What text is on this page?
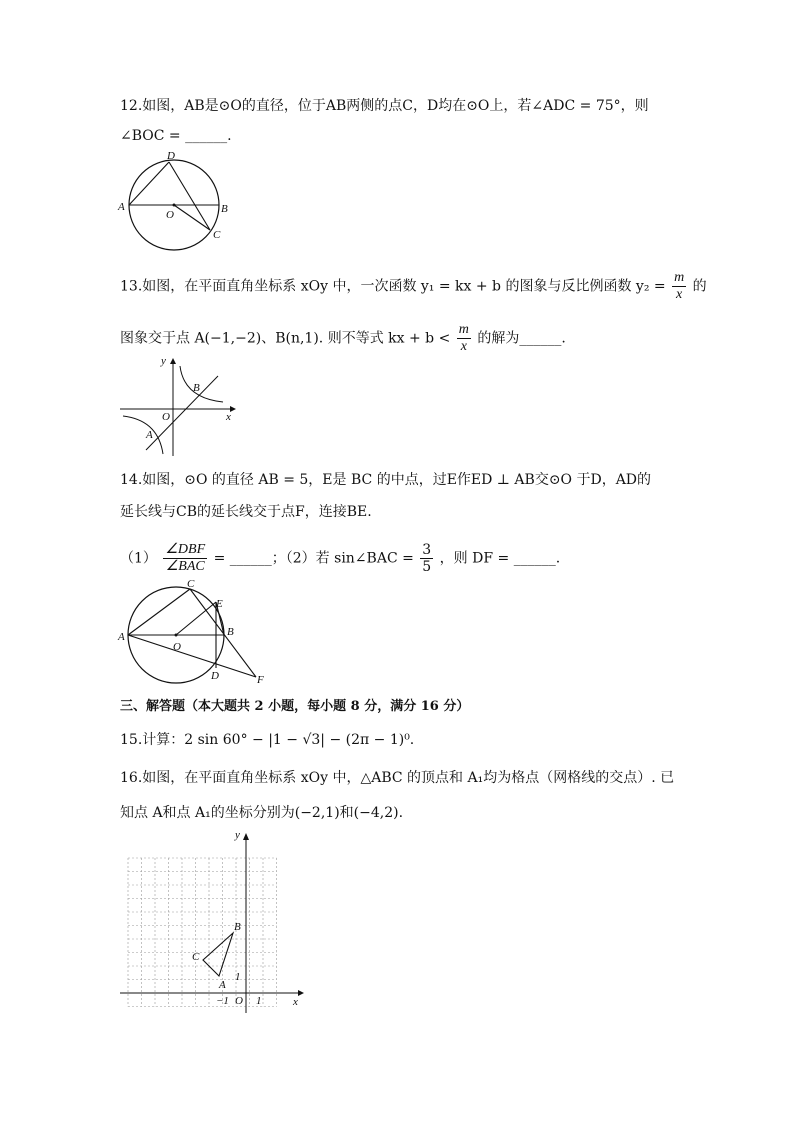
12.如图，AB是⊙O的直径，位于AB两侧的点C，D均在⊙O上，若∠ADC = 75°，则
∠BOC = ______.
A	B
C
D
O
13.如图，在平面直角坐标系 xOy 中，一次函数 y₁ = kx + b 的图象与反比例函数 $y_2 = \frac{m}{x}$ 的
图象交于点 A(−1,−2)、B(n,1). 则不等式 kx + $b < \frac{m}{x}$ 的解为______.
y
x
O
B
A
14.如图，⊙O 的直径 AB = 5，E是 BC 的中点，过E作ED ⊥ AB交⊙O 于D，AD的
延长线与CB的延长线交于点F，连接BE.
$(1) \frac{\text{∠DBF}}{\text{∠BAC}}$ = ______；（2）若 sin∠BAC = $\frac{3}{5}$ ，则 DF = ______.
A	B
C
D
E
F
O
三、解答题（本大题共 2 小题，每小题 8 分，满分 16 分）
15.计算：2 sin 60° − |1 − √3| − (2π − 1)⁰.
16.如图，在平面直角坐标系 xOy 中，△ABC 的顶点和 A₁均为格点（网格线的交点）. 已
知点 A和点 A₁的坐标分别为(−2,1)和(−4,2).
y
x
O
1
1
−1
A
B
C
